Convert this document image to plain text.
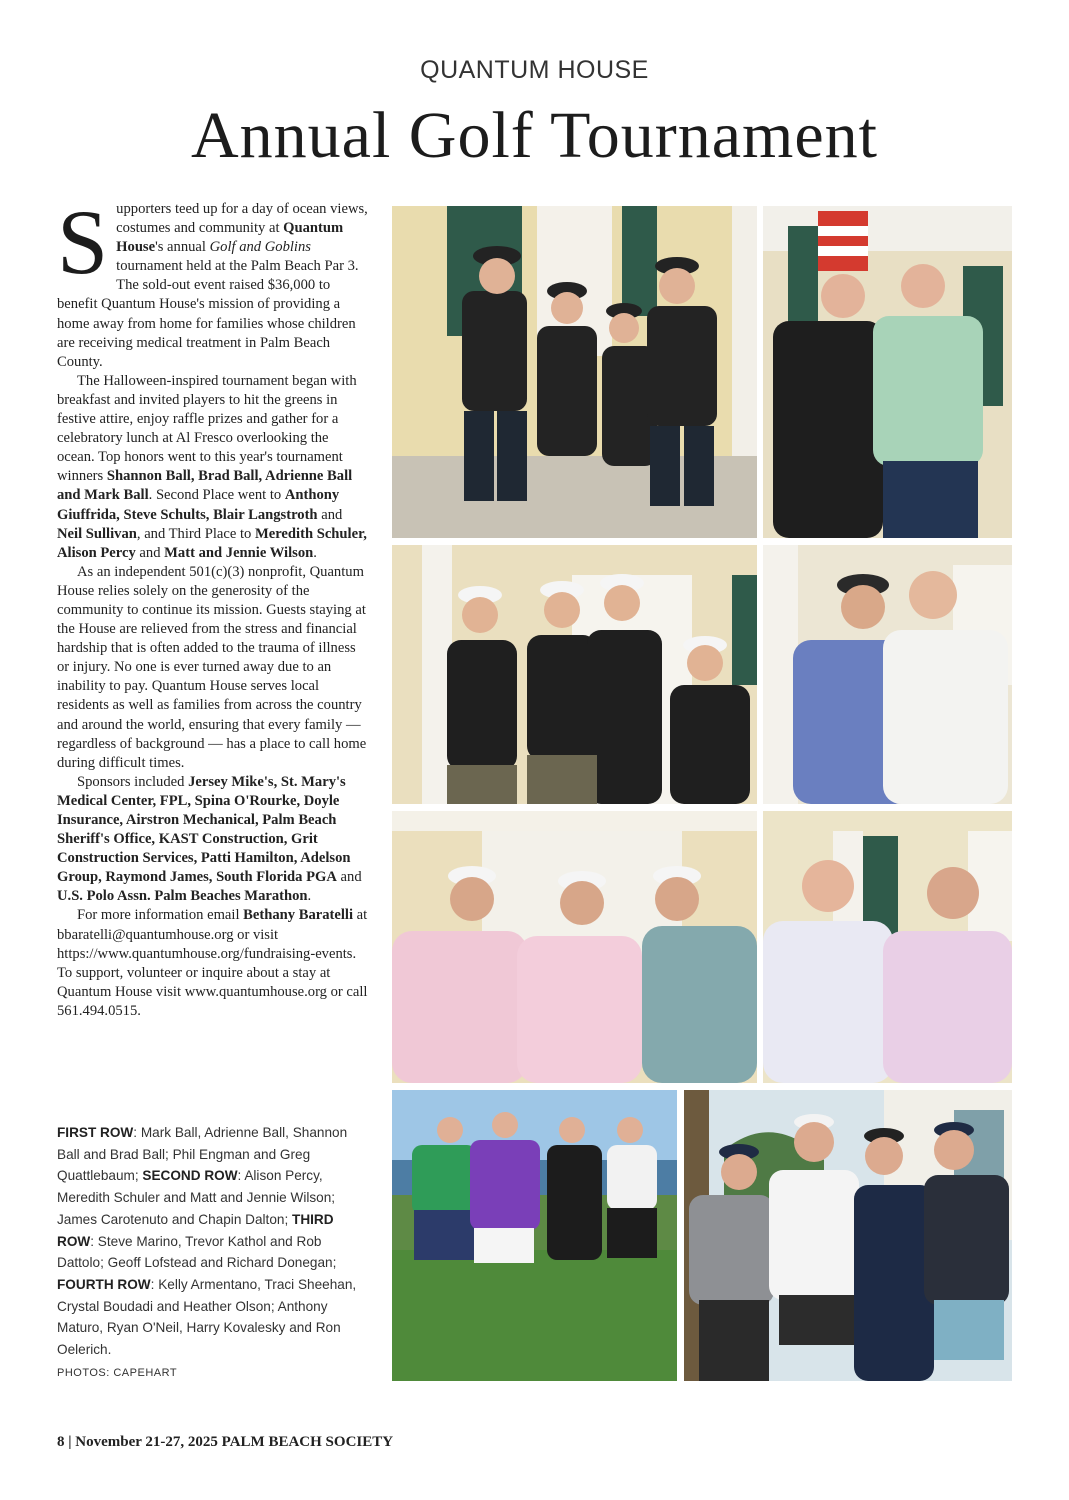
QUANTUM HOUSE
Annual Golf Tournament

Supporters teed up for a day of ocean views, costumes and community at Quantum House's annual Golf and Goblins tournament held at the Palm Beach Par 3. The sold-out event raised $36,000 to benefit Quantum House's mission of providing a home away from home for families whose children are receiving medical treatment in Palm Beach County.

The Halloween-inspired tournament began with breakfast and invited players to hit the greens in festive attire, enjoy raffle prizes and gather for a celebratory lunch at Al Fresco overlooking the ocean. Top honors went to this year's tournament winners Shannon Ball, Brad Ball, Adrienne Ball and Mark Ball. Second Place went to Anthony Giuffrida, Steve Schults, Blair Langstroth and Neil Sullivan, and Third Place to Meredith Schuler, Alison Percy and Matt and Jennie Wilson.

As an independent 501(c)(3) nonprofit, Quantum House relies solely on the generosity of the community to continue its mission. Guests staying at the House are relieved from the stress and financial hardship that is often added to the trauma of illness or injury. No one is ever turned away due to an inability to pay. Quantum House serves local residents as well as families from across the country and around the world, ensuring that every family — regardless of background — has a place to call home during difficult times.

Sponsors included Jersey Mike's, St. Mary's Medical Center, FPL, Spina O'Rourke, Doyle Insurance, Airstron Mechanical, Palm Beach Sheriff's Office, KAST Construction, Grit Construction Services, Patti Hamilton, Adelson Group, Raymond James, South Florida PGA and U.S. Polo Assn. Palm Beaches Marathon.

For more information email Bethany Baratelli at bbaratelli@quantumhouse.org or visit https://www.quantumhouse.org/fundraising-events. To support, volunteer or inquire about a stay at Quantum House visit www.quantumhouse.org or call 561.494.0515.

FIRST ROW: Mark Ball, Adrienne Ball, Shannon Ball and Brad Ball; Phil Engman and Greg Quattlebaum; SECOND ROW: Alison Percy, Meredith Schuler and Matt and Jennie Wilson; James Carotenuto and Chapin Dalton; THIRD ROW: Steve Marino, Trevor Kathol and Rob Dattolo; Geoff Lofstead and Richard Donegan; FOURTH ROW: Kelly Armentano, Traci Sheehan, Crystal Boudadi and Heather Olson; Anthony Maturo, Ryan O'Neil, Harry Kovalesky and Ron Oelerich.
PHOTOS: CAPEHART
8 | November 21-27, 2025 PALM BEACH SOCIETY
